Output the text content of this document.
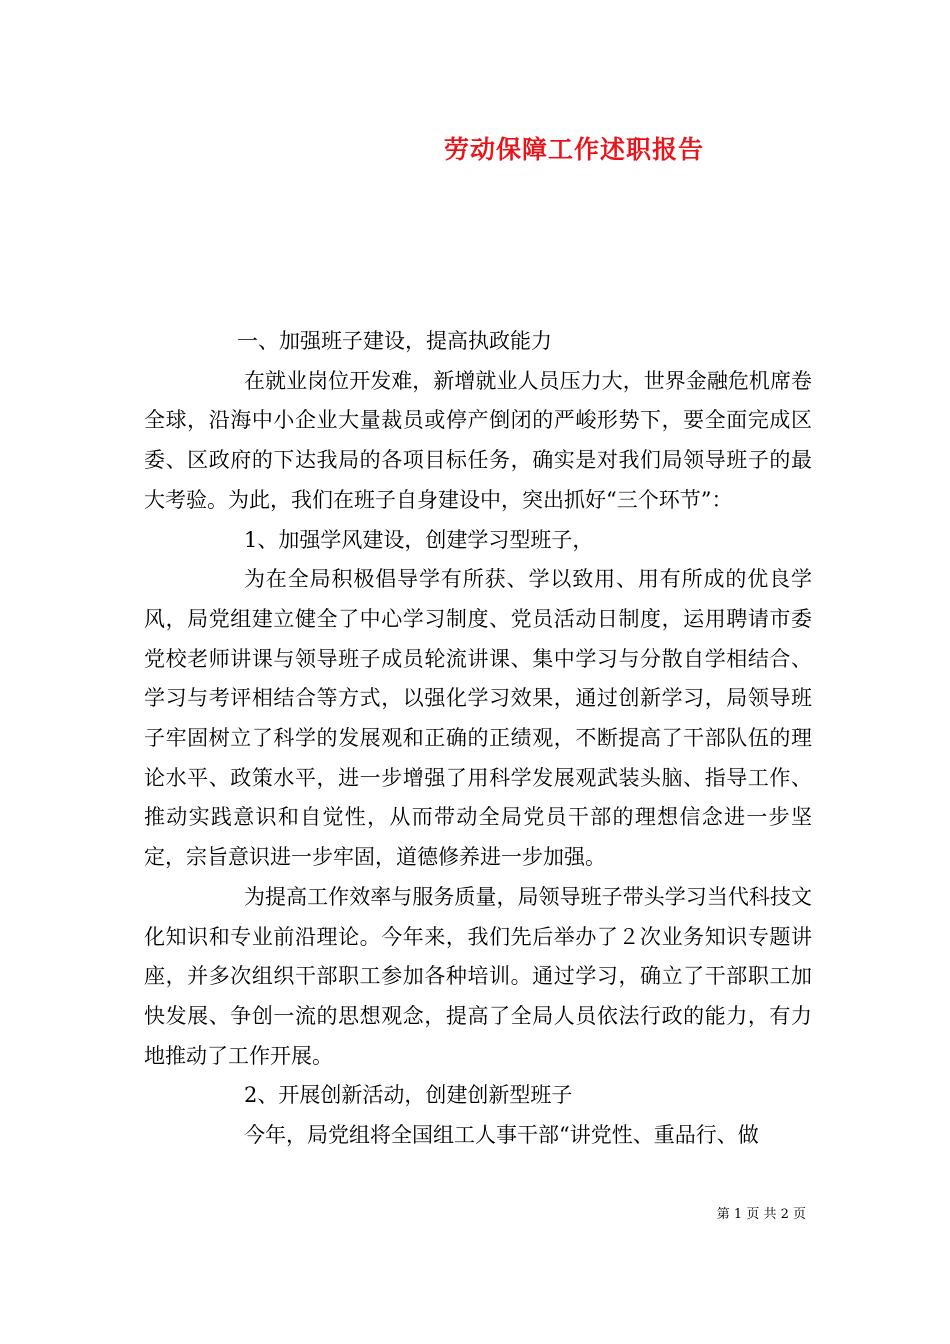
劳动保障工作述职报告

一、加强班子建设，提高执政能力

在就业岗位开发难，新增就业人员压力大，世界金融危机席卷全球，沿海中小企业大量裁员或停产倒闭的严峻形势下，要全面完成区委、区政府的下达我局的各项目标任务，确实是对我们局领导班子的最大考验。为此，我们在班子自身建设中，突出抓好“三个环节”：

1、加强学风建设，创建学习型班子，

为在全局积极倡导学有所获、学以致用、用有所成的优良学风，局党组建立健全了中心学习制度、党员活动日制度，运用聘请市委党校老师讲课与领导班子成员轮流讲课、集中学习与分散自学相结合、学习与考评相结合等方式，以强化学习效果，通过创新学习，局领导班子牢固树立了科学的发展观和正确的正绩观，不断提高了干部队伍的理论水平、政策水平，进一步增强了用科学发展观武装头脑、指导工作、推动实践意识和自觉性，从而带动全局党员干部的理想信念进一步坚定，宗旨意识进一步牢固，道德修养进一步加强。

为提高工作效率与服务质量，局领导班子带头学习当代科技文化知识和专业前沿理论。今年来，我们先后举办了２次业务知识专题讲座，并多次组织干部职工参加各种培训。通过学习，确立了干部职工加快发展、争创一流的思想观念，提高了全局人员依法行政的能力，有力地推动了工作开展。

2、开展创新活动，创建创新型班子

今年，局党组将全国组工人事干部“讲党性、重品行、做

第 1 页 共 2 页
